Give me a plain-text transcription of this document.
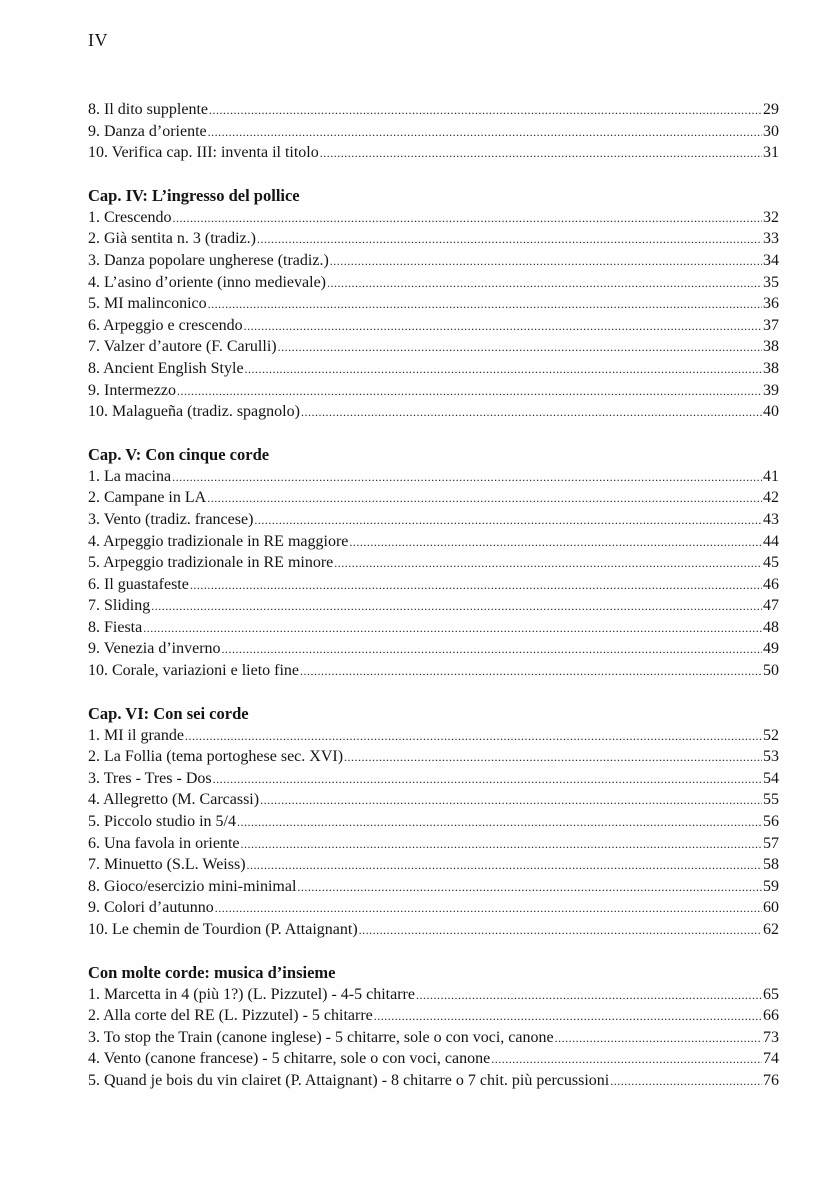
IV
8. Il dito supplente .....	29
9. Danza d’oriente .....	30
10. Verifica cap. III: inventa il titolo .....	31
Cap. IV: L’ingresso del pollice
1. Crescendo .....	32
2. Già sentita n. 3 (tradiz.) .....	33
3. Danza popolare ungherese (tradiz.) .....	34
4. L’asino d’oriente (inno medievale) .....	35
5. MI malinconico .....	36
6. Arpeggio e crescendo .....	37
7. Valzer d’autore (F. Carulli) .....	38
8. Ancient English Style .....	38
9. Intermezzo .....	39
10. Malagueña (tradiz. spagnolo) .....	40
Cap. V: Con cinque corde
1. La macina .....	41
2. Campane in LA .....	42
3. Vento (tradiz. francese) .....	43
4. Arpeggio tradizionale in RE maggiore .....	44
5. Arpeggio tradizionale in RE minore .....	45
6. Il guastafeste .....	46
7. Sliding .....	47
8. Fiesta .....	48
9. Venezia d’inverno .....	49
10. Corale, variazioni e lieto fine .....	50
Cap. VI: Con sei corde
1. MI il grande .....	52
2. La Follia (tema portoghese sec. XVI) .....	53
3. Tres - Tres - Dos .....	54
4. Allegretto (M. Carcassi) .....	55
5. Piccolo studio in 5/4 .....	56
6. Una favola in oriente .....	57
7. Minuetto (S.L. Weiss) .....	58
8. Gioco/esercizio mini-minimal .....	59
9. Colori d’autunno .....	60
10. Le chemin de Tourdion (P. Attaignant) .....	62
Con molte corde: musica d’insieme
1. Marcetta in 4 (più 1?) (L. Pizzutel) - 4-5 chitarre .....	65
2. Alla corte del RE (L. Pizzutel) - 5 chitarre .....	66
3. To stop the Train (canone inglese) - 5 chitarre, sole o con voci, canone .....	73
4. Vento (canone francese) - 5 chitarre, sole o con voci, canone .....	74
5. Quand je bois du vin clairet (P. Attaignant) - 8 chitarre o 7 chit. più percussioni .....	76
